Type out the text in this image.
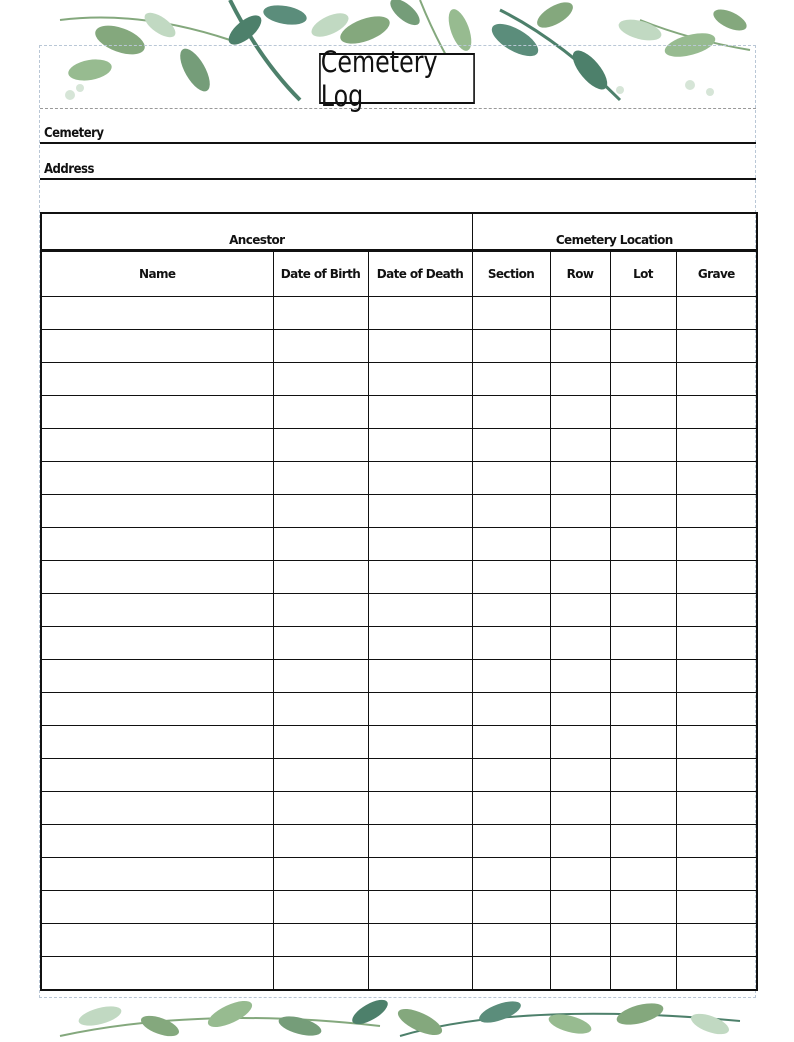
Cemetery Log
Cemetery
Address
Ancestor			Cemetery Location			
Name	Date of Birth	Date of Death	Section	Row	Lot	Grave
